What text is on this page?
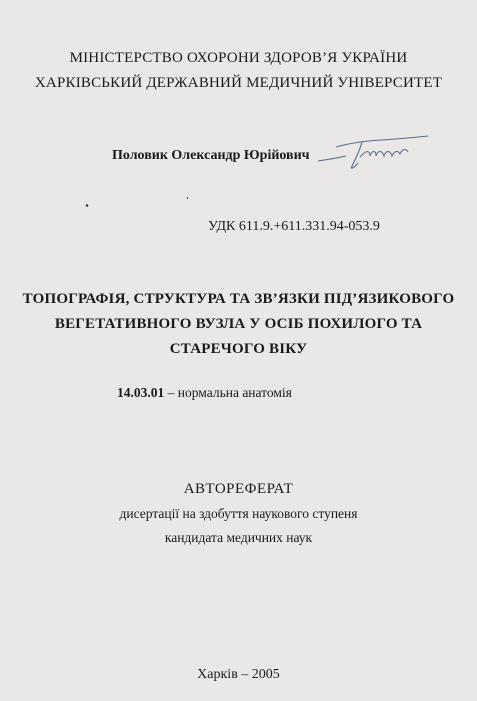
МІНІСТЕРСТВО ОХОРОНИ ЗДОРОВ’Я УКРАЇНИ
ХАРКІВСЬКИЙ ДЕРЖАВНИЙ МЕДИЧНИЙ УНІВЕРСИТЕТ
Половик Олександр Юрійович
УДК 611.9.+611.331.94-053.9
ТОПОГРАФІЯ, СТРУКТУРА ТА ЗВ’ЯЗКИ ПІД’ЯЗИКОВОГО
ВЕГЕТАТИВНОГО ВУЗЛА У ОСІБ ПОХИЛОГО ТА
СТАРЕЧОГО ВІКУ
14.03.01 – нормальна анатомія
АВТОРЕФЕРАТ
дисертації на здобуття наукового ступеня
кандидата медичних наук
Харків – 2005
